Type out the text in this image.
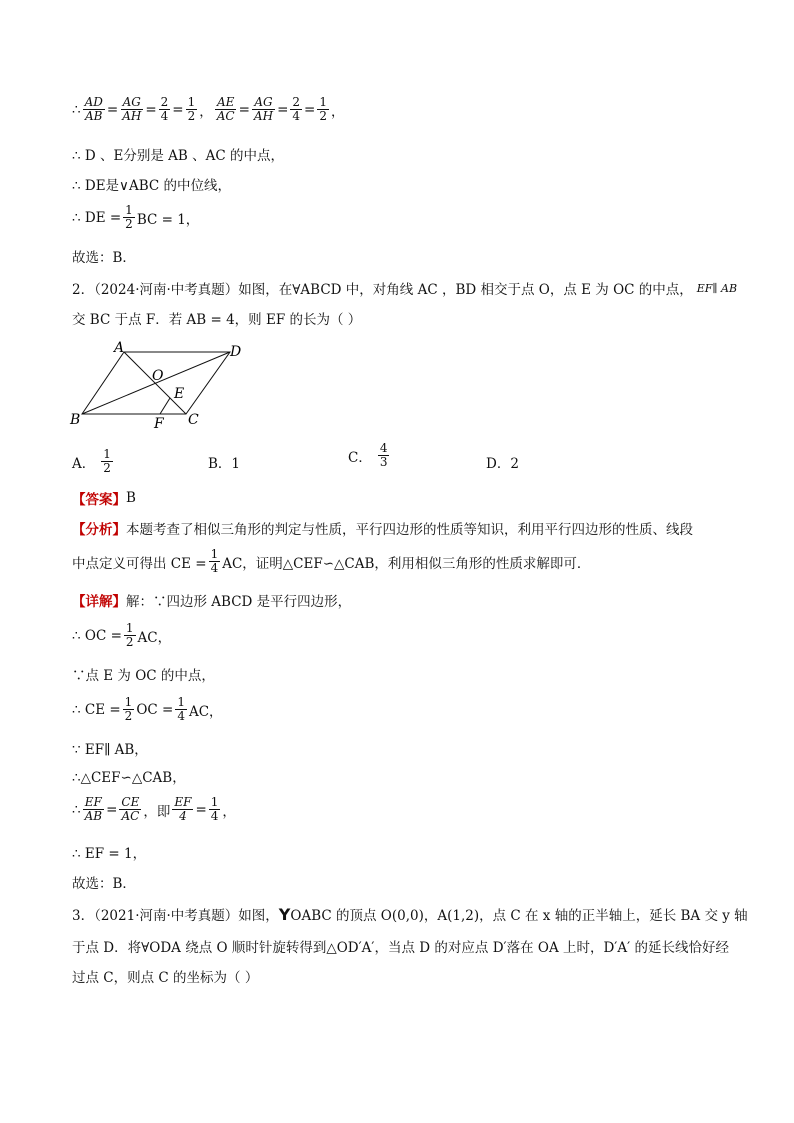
∴ $\frac{AD}{AB} = \frac{AG}{AH} = \frac{2}{4} = \frac{1}{2}$ ， $\frac{AE}{AC} = \frac{AG}{AH} = \frac{2}{4} = \frac{1}{2}$ ，
∴ D 、E分别是 AB 、AC 的中点，
∴ DE是∨ABC 的中位线，
∴ DE = $\frac{1}{2}$ BC = 1，
故选：B．
2．（2024·河南·中考真题）如图，在∀ABCD 中，对角线 AC ，BD 相交于点 O，点 E 为 OC 的中点， EF∥ AB
交 BC 于点 F．若 AB = 4，则 EF 的长为（ ）
A	D
O
E
B	F C
A． $\frac{1}{2}$	B．1	C． $\frac{4}{3}$	D．2
【答案】 B
【分析】 本题考查了相似三角形的判定与性质，平行四边形的性质等知识，利用平行四边形的性质、线段
中点定义可得出 CE = $\frac{1}{4}$ AC，证明△CEF∽△CAB，利用相似三角形的性质求解即可．
【详解】 解：∵四边形 ABCD 是平行四边形，
∴ OC = $\frac{1}{2}$ AC，
∵点 E 为 OC 的中点，
∴ CE = $\frac{1}{2}$ OC = $\frac{1}{4}$ AC，
∵ EF∥ AB，
∴△CEF∽△CAB，
∴ $\frac{EF}{AB} = \frac{CE}{AC}$ ，即 $\frac{EF}{4} = \frac{1}{4}$ ，
∴ EF = 1，
故选：B．
3．（2021·河南·中考真题）如图， Y OABC 的顶点 O(0,0)，A(1,2)，点 C 在 x 轴的正半轴上，延长 BA 交 y 轴
于点 D．将∀ODA 绕点 O 顺时针旋转得到△OD′A′，当点 D 的对应点 D′落在 OA 上时，D′A′ 的延长线恰好经
过点 C，则点 C 的坐标为（ ）
